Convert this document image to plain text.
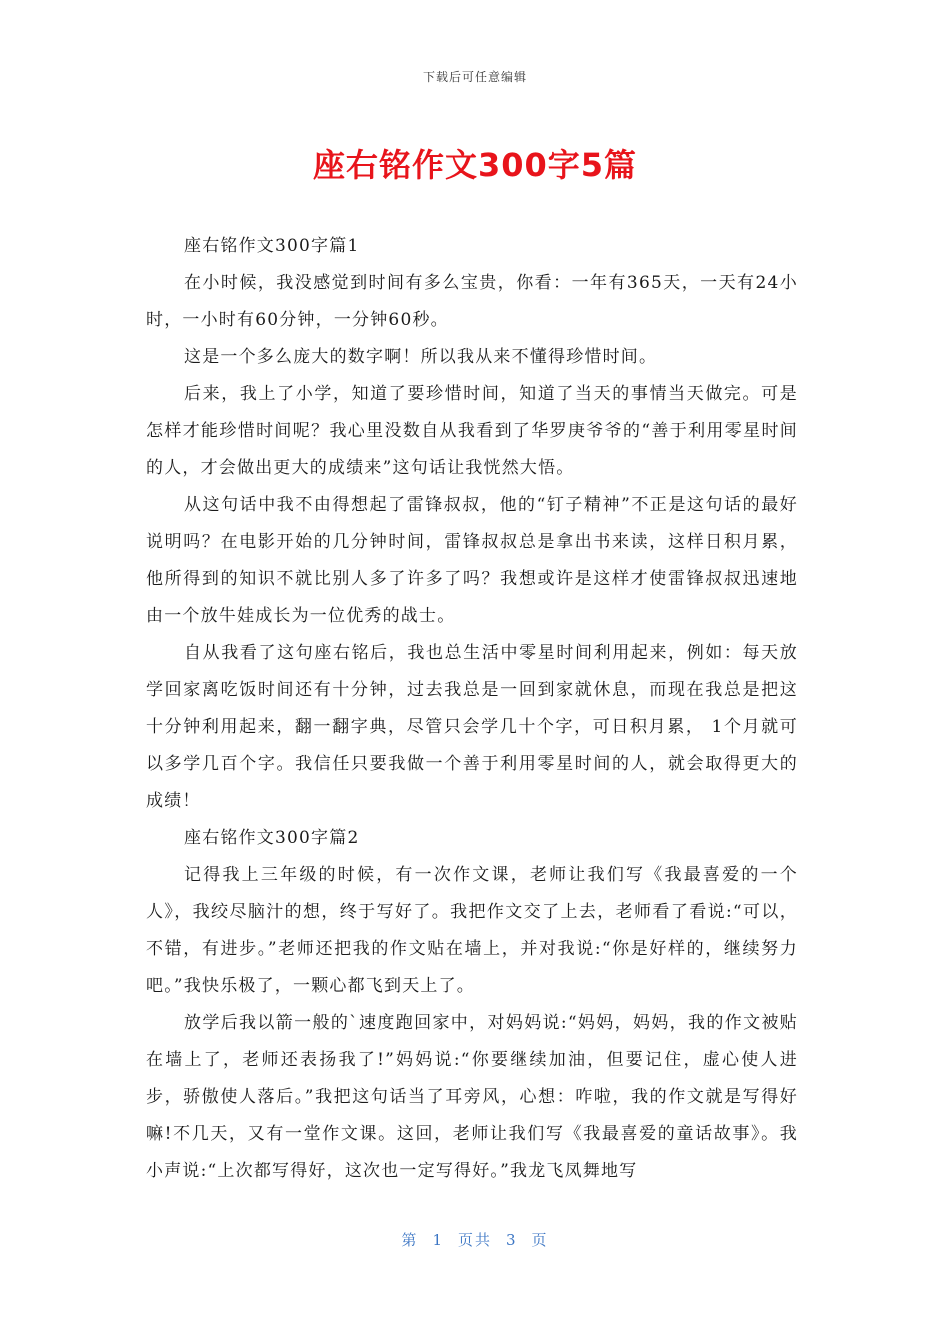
下载后可任意编辑
座右铭作文300字5篇

座右铭作文300字篇1

在小时候，我没感觉到时间有多么宝贵，你看：一年有365天，一天有24小时，一小时有60分钟，一分钟60秒。

这是一个多么庞大的数字啊！所以我从来不懂得珍惜时间。

后来，我上了小学，知道了要珍惜时间，知道了当天的事情当天做完。可是怎样才能珍惜时间呢？我心里没数自从我看到了华罗庚爷爷的“善于利用零星时间的人，才会做出更大的成绩来”这句话让我恍然大悟。

从这句话中我不由得想起了雷锋叔叔，他的“钉子精神”不正是这句话的最好说明吗？在电影开始的几分钟时间，雷锋叔叔总是拿出书来读，这样日积月累，他所得到的知识不就比别人多了许多了吗？我想或许是这样才使雷锋叔叔迅速地由一个放牛娃成长为一位优秀的战士。

自从我看了这句座右铭后，我也总生活中零星时间利用起来，例如：每天放学回家离吃饭时间还有十分钟，过去我总是一回到家就休息，而现在我总是把这十分钟利用起来，翻一翻字典，尽管只会学几十个字，可日积月累， 1个月就可以多学几百个字。我信任只要我做一个善于利用零星时间的人，就会取得更大的成绩！

座右铭作文300字篇2

记得我上三年级的时候，有一次作文课，老师让我们写《我最喜爱的一个人》，我绞尽脑汁的想，终于写好了。我把作文交了上去，老师看了看说:“可以，不错，有进步。”老师还把我的作文贴在墙上，并对我说:“你是好样的，继续努力吧。”我快乐极了，一颗心都飞到天上了。

放学后我以箭一般的`速度跑回家中，对妈妈说:“妈妈，妈妈，我的作文被贴在墙上了，老师还表扬我了!”妈妈说:“你要继续加油，但要记住，虚心使人进步，骄傲使人落后。”我把这句话当了耳旁风，心想：咋啦，我的作文就是写得好嘛!不几天，又有一堂作文课。这回，老师让我们写《我最喜爱的童话故事》。我小声说:“上次都写得好，这次也一定写得好。”我龙飞凤舞地写

第 1 页共 3 页
